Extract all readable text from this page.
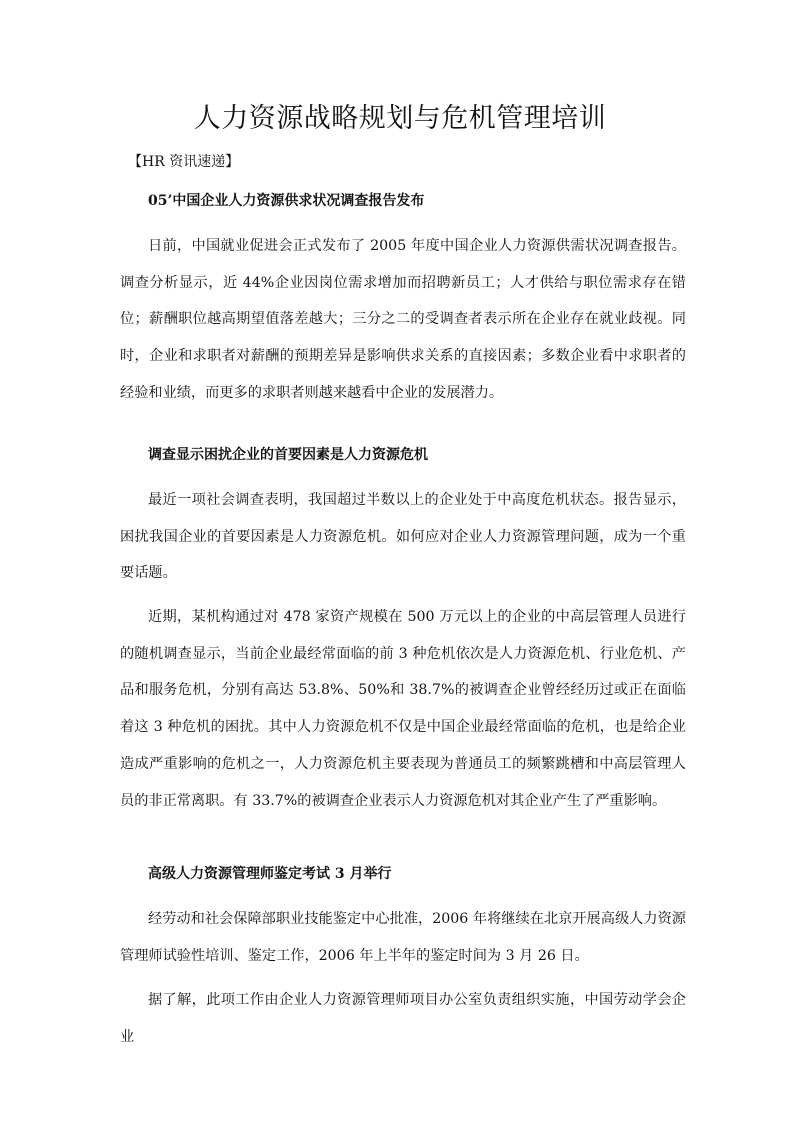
人力资源战略规划与危机管理培训
【HR 资讯速递】
05’中国企业人力资源供求状况调查报告发布

日前，中国就业促进会正式发布了 2005 年度中国企业人力资源供需状况调查报告。调查分析显示，近 44%企业因岗位需求增加而招聘新员工；人才供给与职位需求存在错位；薪酬职位越高期望值落差越大；三分之二的受调查者表示所在企业存在就业歧视。同时，企业和求职者对薪酬的预期差异是影响供求关系的直接因素；多数企业看中求职者的经验和业绩，而更多的求职者则越来越看中企业的发展潜力。

调查显示困扰企业的首要因素是人力资源危机

最近一项社会调查表明，我国超过半数以上的企业处于中高度危机状态。报告显示，困扰我国企业的首要因素是人力资源危机。如何应对企业人力资源管理问题，成为一个重要话题。

近期，某机构通过对 478 家资产规模在 500 万元以上的企业的中高层管理人员进行的随机调查显示，当前企业最经常面临的前 3 种危机依次是人力资源危机、行业危机、产品和服务危机，分别有高达 53.8%、50%和 38.7%的被调查企业曾经经历过或正在面临着这 3 种危机的困扰。其中人力资源危机不仅是中国企业最经常面临的危机，也是给企业造成严重影响的危机之一，人力资源危机主要表现为普通员工的频繁跳槽和中高层管理人员的非正常离职。有 33.7%的被调查企业表示人力资源危机对其企业产生了严重影响。

高级人力资源管理师鉴定考试 3 月举行

经劳动和社会保障部职业技能鉴定中心批准，2006 年将继续在北京开展高级人力资源管理师试验性培训、鉴定工作，2006 年上半年的鉴定时间为 3 月 26 日。

据了解，此项工作由企业人力资源管理师项目办公室负责组织实施，中国劳动学会企业
